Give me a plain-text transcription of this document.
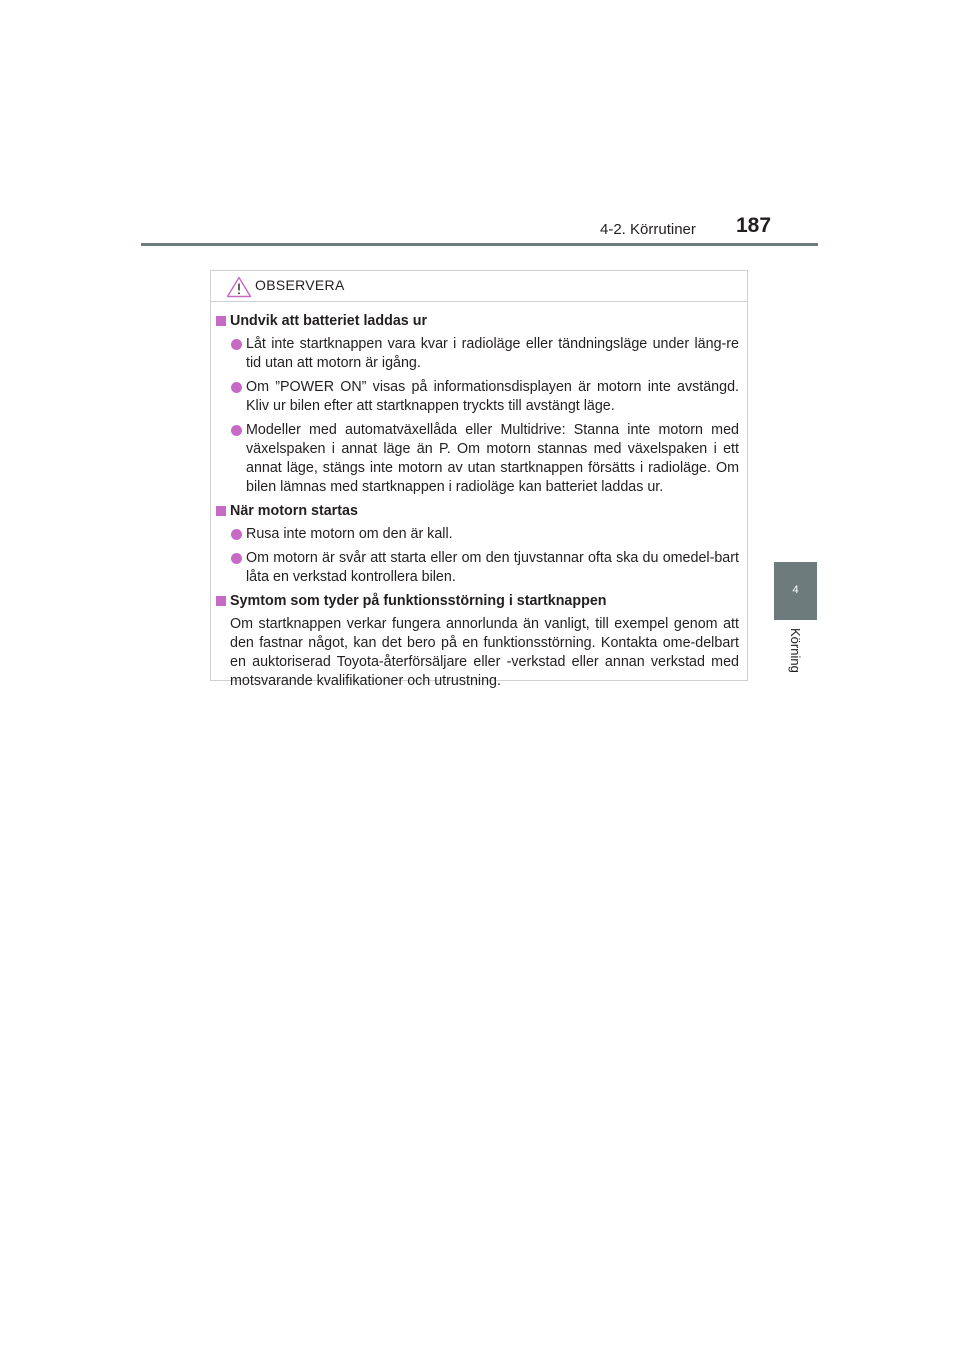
4-2. Körrutiner 187
4
Körning
OBSERVERA
Undvik att batteriet laddas ur
Låt inte startknappen vara kvar i radioläge eller tändningsläge under läng-re tid utan att motorn är igång.
Om ”POWER ON” visas på informationsdisplayen är motorn inte avstängd. Kliv ur bilen efter att startknappen tryckts till avstängt läge.
Modeller med automatväxellåda eller Multidrive: Stanna inte motorn med växelspaken i annat läge än P. Om motorn stannas med växelspaken i ett annat läge, stängs inte motorn av utan startknappen försätts i radioläge. Om bilen lämnas med startknappen i radioläge kan batteriet laddas ur.
När motorn startas
Rusa inte motorn om den är kall.
Om motorn är svår att starta eller om den tjuvstannar ofta ska du omedel-bart låta en verkstad kontrollera bilen.
Symtom som tyder på funktionsstörning i startknappen

Om startknappen verkar fungera annorlunda än vanligt, till exempel genom att den fastnar något, kan det bero på en funktionsstörning. Kontakta ome-delbart en auktoriserad Toyota-återförsäljare eller -verkstad eller annan verkstad med motsvarande kvalifikationer och utrustning.
